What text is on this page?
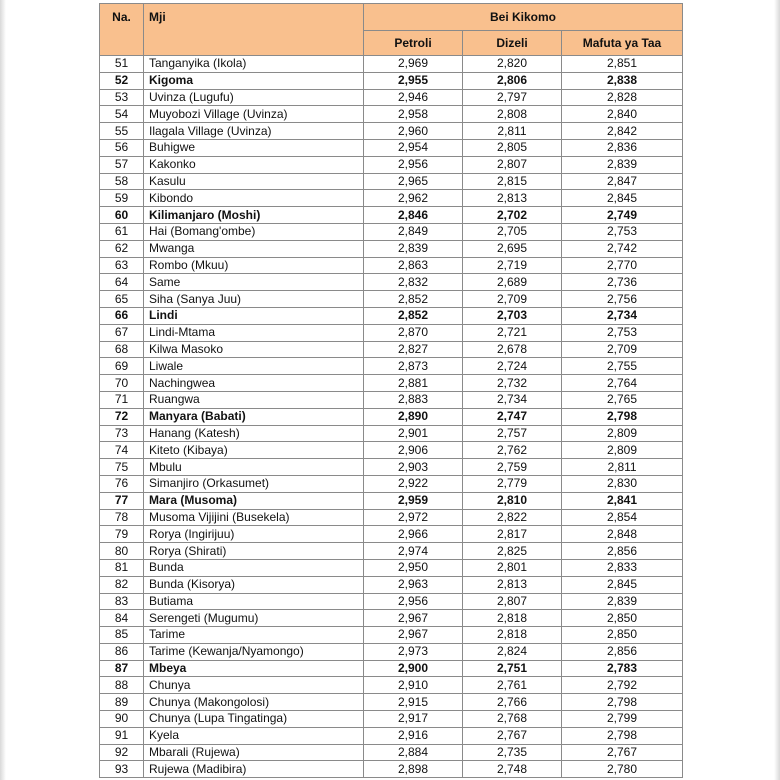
Na.	Mji	Bei Kikomo		
		Petroli	Dizeli	Mafuta ya Taa
51	Tanganyika (Ikola)	2,969	2,820	2,851
52	Kigoma	2,955	2,806	2,838
53	Uvinza (Lugufu)	2,946	2,797	2,828
54	Muyobozi Village (Uvinza)	2,958	2,808	2,840
55	Ilagala Village (Uvinza)	2,960	2,811	2,842
56	Buhigwe	2,954	2,805	2,836
57	Kakonko	2,956	2,807	2,839
58	Kasulu	2,965	2,815	2,847
59	Kibondo	2,962	2,813	2,845
60	Kilimanjaro (Moshi)	2,846	2,702	2,749
61	Hai (Bomang'ombe)	2,849	2,705	2,753
62	Mwanga	2,839	2,695	2,742
63	Rombo (Mkuu)	2,863	2,719	2,770
64	Same	2,832	2,689	2,736
65	Siha (Sanya Juu)	2,852	2,709	2,756
66	Lindi	2,852	2,703	2,734
67	Lindi-Mtama	2,870	2,721	2,753
68	Kilwa Masoko	2,827	2,678	2,709
69	Liwale	2,873	2,724	2,755
70	Nachingwea	2,881	2,732	2,764
71	Ruangwa	2,883	2,734	2,765
72	Manyara (Babati)	2,890	2,747	2,798
73	Hanang (Katesh)	2,901	2,757	2,809
74	Kiteto (Kibaya)	2,906	2,762	2,809
75	Mbulu	2,903	2,759	2,811
76	Simanjiro (Orkasumet)	2,922	2,779	2,830
77	Mara (Musoma)	2,959	2,810	2,841
78	Musoma Vijijini (Busekela)	2,972	2,822	2,854
79	Rorya (Ingirijuu)	2,966	2,817	2,848
80	Rorya (Shirati)	2,974	2,825	2,856
81	Bunda	2,950	2,801	2,833
82	Bunda (Kisorya)	2,963	2,813	2,845
83	Butiama	2,956	2,807	2,839
84	Serengeti (Mugumu)	2,967	2,818	2,850
85	Tarime	2,967	2,818	2,850
86	Tarime (Kewanja/Nyamongo)	2,973	2,824	2,856
87	Mbeya	2,900	2,751	2,783
88	Chunya	2,910	2,761	2,792
89	Chunya (Makongolosi)	2,915	2,766	2,798
90	Chunya (Lupa Tingatinga)	2,917	2,768	2,799
91	Kyela	2,916	2,767	2,798
92	Mbarali (Rujewa)	2,884	2,735	2,767
93	Rujewa (Madibira)	2,898	2,748	2,780
